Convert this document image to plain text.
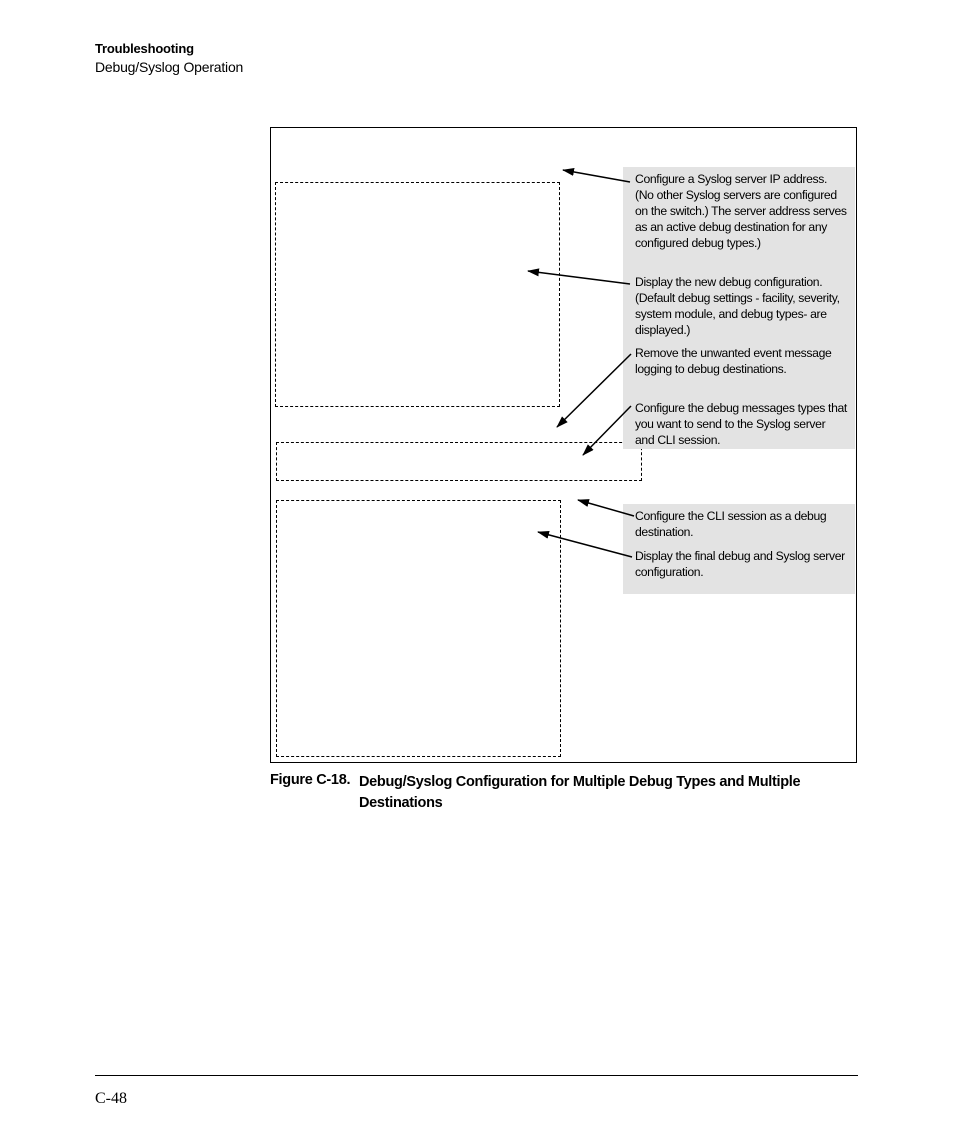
Troubleshooting
Debug/Syslog Operation
Configure a Syslog server IP address. (No other Syslog servers are configured on the switch.) The server address serves as an active debug destination for any configured debug types.)
Display the new debug configuration. (Default debug settings - facility, severity, system module, and debug types- are displayed.)
Remove the unwanted event message logging to debug destinations.
Configure the debug messages types that you want to send to the Syslog server and CLI session.
Configure the CLI session as a debug destination.
Display the final debug and Syslog server configuration.
Figure C-18. Debug/Syslog Configuration for Multiple Debug Types and Multiple Destinations
C-48
